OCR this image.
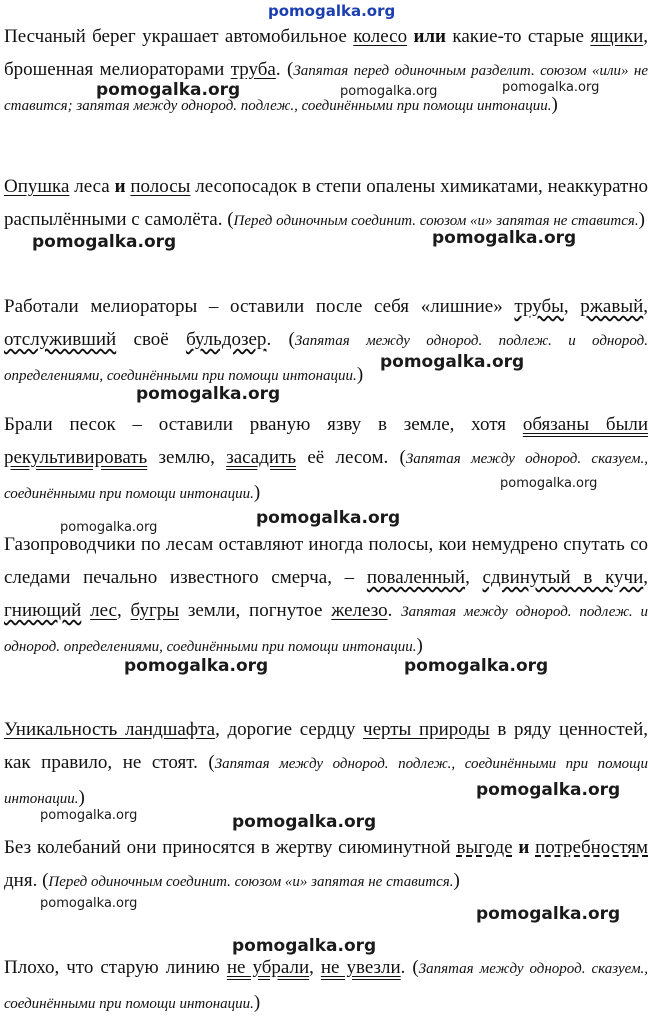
Песчаный берег украшает автомобильное колесо или какие-то старые ящики, брошенная мелиораторами труба. (Запятая перед одиночным разделит. союзом «или» не ставится; запятая между однород. подлеж., соединёнными при помощи интонации.)
Опушка леса и полосы лесопосадок в степи опалены химикатами, неаккуратно распылёнными с самолёта. (Перед одиночным соединит. союзом «и» запятая не ставится.)
Работали мелиораторы – оставили после себя «лишние» трубы, ржавый, отслуживший своё бульдозер. (Запятая между однород. подлеж. и однород. определениями, соединёнными при помощи интонации.)
Брали песок – оставили рваную язву в земле, хотя обязаны были рекультивировать землю, засадить её лесом. (Запятая между однород. сказуем., соединёнными при помощи интонации.)
Газопроводчики по лесам оставляют иногда полосы, кои немудрено спутать со следами печально известного смерча, – поваленный, сдвинутый в кучи, гниющий лес, бугры земли, погнутое железо. Запятая между однород. подлеж. и однород. определениями, соединёнными при помощи интонации.)
Уникальность ландшафта, дорогие сердцу черты природы в ряду ценностей, как правило, не стоят. (Запятая между однород. подлеж., соединёнными при помощи интонации.)
Без колебаний они приносятся в жертву сиюминутной выгоде и потребностям дня. (Перед одиночным соединит. союзом «и» запятая не ставится.)
Плохо, что старую линию не убрали, не увезли. (Запятая между однород. сказуем., соединёнными при помощи интонации.)
pomogalka.org
pomogalka.org	pomogalka.org	pomogalka.org
pomogalka.org	pomogalka.org
pomogalka.org
pomogalka.org
pomogalka.org
pomogalka.org	pomogalka.org
pomogalka.org	pomogalka.org
pomogalka.org
pomogalka.org	pomogalka.org
pomogalka.org
pomogalka.org
pomogalka.org
